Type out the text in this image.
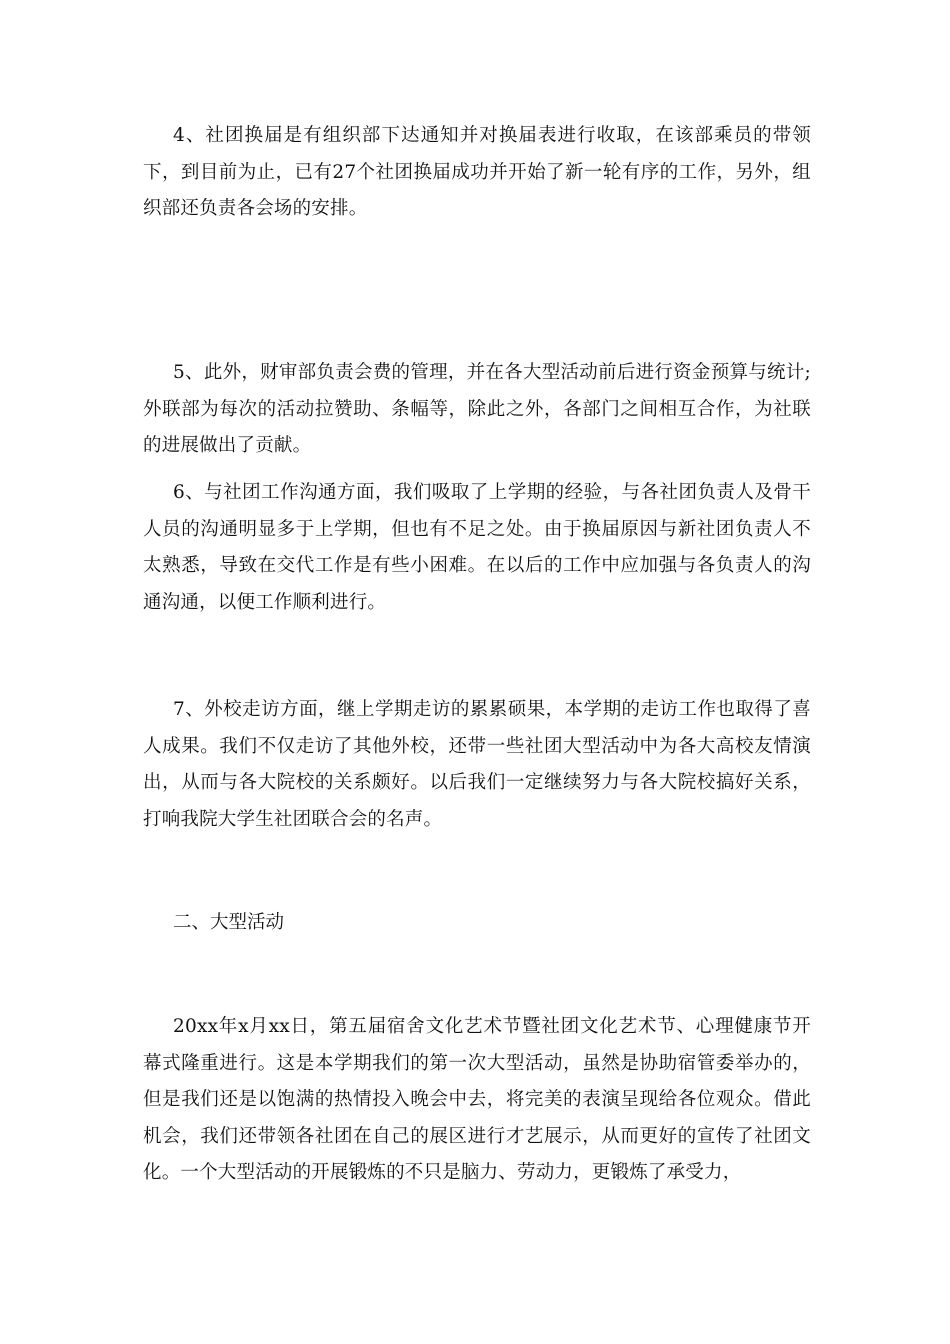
4、社团换届是有组织部下达通知并对换届表进行收取，在该部乘员的带领下，到目前为止，已有27个社团换届成功并开始了新一轮有序的工作，另外，组织部还负责各会场的安排。

5、此外，财审部负责会费的管理，并在各大型活动前后进行资金预算与统计;外联部为每次的活动拉赞助、条幅等，除此之外，各部门之间相互合作，为社联的进展做出了贡献。

6、与社团工作沟通方面，我们吸取了上学期的经验，与各社团负责人及骨干人员的沟通明显多于上学期，但也有不足之处。由于换届原因与新社团负责人不太熟悉，导致在交代工作是有些小困难。在以后的工作中应加强与各负责人的沟通沟通，以便工作顺利进行。

7、外校走访方面，继上学期走访的累累硕果，本学期的走访工作也取得了喜人成果。我们不仅走访了其他外校，还带一些社团大型活动中为各大高校友情演出，从而与各大院校的关系颇好。以后我们一定继续努力与各大院校搞好关系，打响我院大学生社团联合会的名声。

二、大型活动

20xx年x月xx日，第五届宿舍文化艺术节暨社团文化艺术节、心理健康节开幕式隆重进行。这是本学期我们的第一次大型活动，虽然是协助宿管委举办的，但是我们还是以饱满的热情投入晚会中去，将完美的表演呈现给各位观众。借此机会，我们还带领各社团在自己的展区进行才艺展示，从而更好的宣传了社团文化。一个大型活动的开展锻炼的不只是脑力、劳动力，更锻炼了承受力，
